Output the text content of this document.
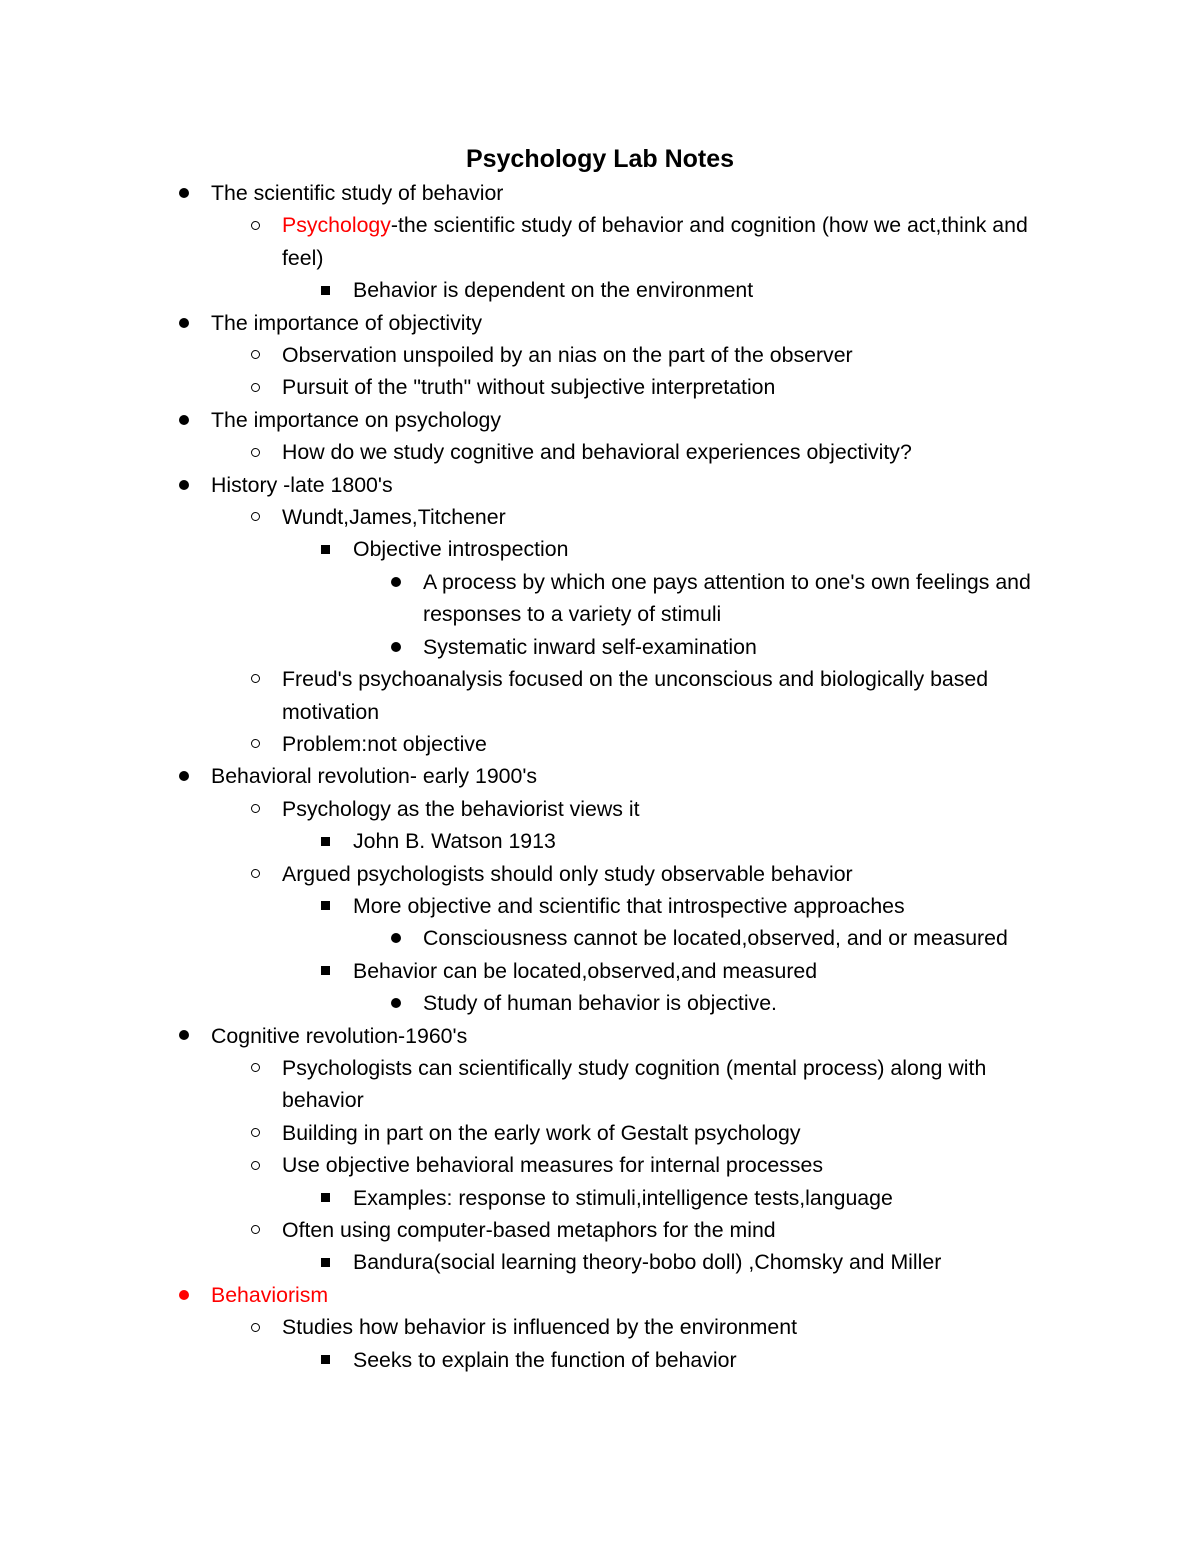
Psychology Lab Notes
The scientific study of behavior
Psychology-the scientific study of behavior and cognition (how we act,think and feel)
Behavior is dependent on the environment
The importance of objectivity
Observation unspoiled by an nias on the part of the observer
Pursuit of the "truth" without subjective interpretation
The importance on psychology
How do we study cognitive and behavioral experiences objectivity?
History -late 1800's
Wundt,James,Titchener
Objective introspection
A process by which one pays attention to one's own feelings and responses to a variety of stimuli
Systematic inward self-examination
Freud's psychoanalysis focused on the unconscious and biologically based motivation
Problem:not objective
Behavioral revolution- early 1900's
Psychology as the behaviorist views it
John B. Watson 1913
Argued psychologists should only study observable behavior
More objective and scientific that introspective approaches
Consciousness cannot be located,observed, and or measured
Behavior can be located,observed,and measured
Study of human behavior is objective.
Cognitive revolution-1960's
Psychologists can scientifically study cognition (mental process) along with behavior
Building in part on the early work of Gestalt psychology
Use objective behavioral measures for internal processes
Examples: response to stimuli,intelligence tests,language
Often using computer-based metaphors for the mind
Bandura(social learning theory-bobo doll) ,Chomsky and Miller
Behaviorism
Studies how behavior is influenced by the environment
Seeks to explain the function of behavior
